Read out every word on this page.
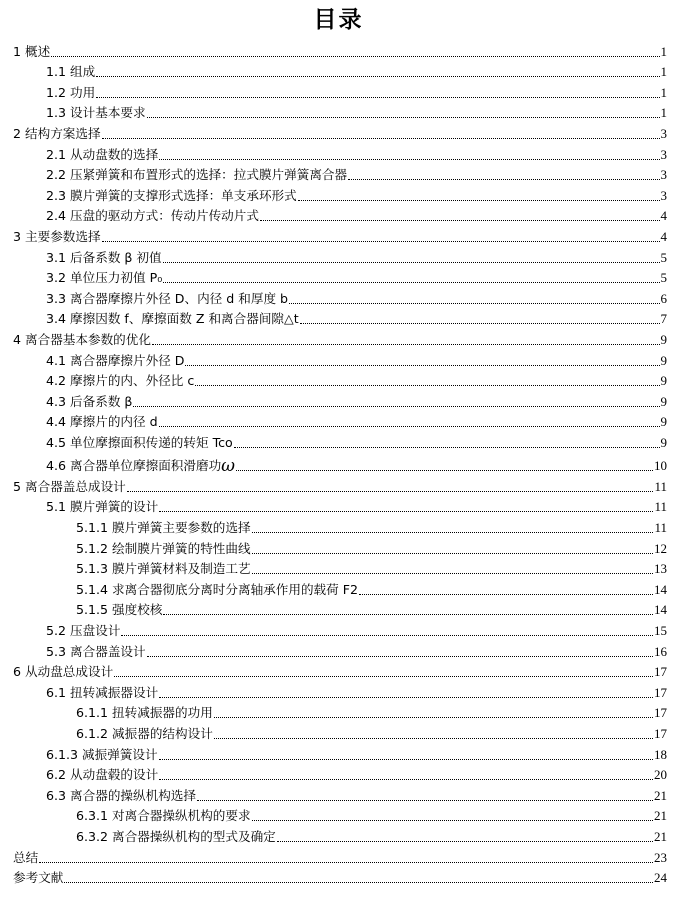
目录
1 概述	1
1.1 组成	1
1.2 功用	1
1.3 设计基本要求	1
2 结构方案选择	3
2.1 从动盘数的选择	3
2.2 压紧弹簧和布置形式的选择：拉式膜片弹簧离合器	3
2.3 膜片弹簧的支撑形式选择：单支承环形式	3
2.4 压盘的驱动方式：传动片传动片式	4
3 主要参数选择	4
3.1 后备系数 β 初值	5
3.2 单位压力初值 P₀	5
3.3 离合器摩擦片外径 D、内径 d 和厚度 b	6
3.4 摩擦因数 f、摩擦面数 Z 和离合器间隙△t	7
4 离合器基本参数的优化	9
4.1 离合器摩擦片外径 D	9
4.2 摩擦片的内、外径比 c	9
4.3 后备系数 β	9
4.4 摩擦片的内径 d	9
4.5 单位摩擦面积传递的转矩 Tco	9
4.6 离合器单位摩擦面积滑磨功 ω	10
5 离合器盖总成设计	11
5.1 膜片弹簧的设计	11
5.1.1 膜片弹簧主要参数的选择	11
5.1.2 绘制膜片弹簧的特性曲线	12
5.1.3 膜片弹簧材料及制造工艺	13
5.1.4 求离合器彻底分离时分离轴承作用的载荷 F2	14
5.1.5 强度校核	14
5.2 压盘设计	15
5.3 离合器盖设计	16
6 从动盘总成设计	17
6.1 扭转减振器设计	17
6.1.1 扭转减振器的功用	17
6.1.2 减振器的结构设计	17
6.1.3 减振弹簧设计	18
6.2 从动盘毂的设计	20
6.3 离合器的操纵机构选择	21
6.3.1 对离合器操纵机构的要求	21
6.3.2 离合器操纵机构的型式及确定	21
总结	23
参考文献	24
